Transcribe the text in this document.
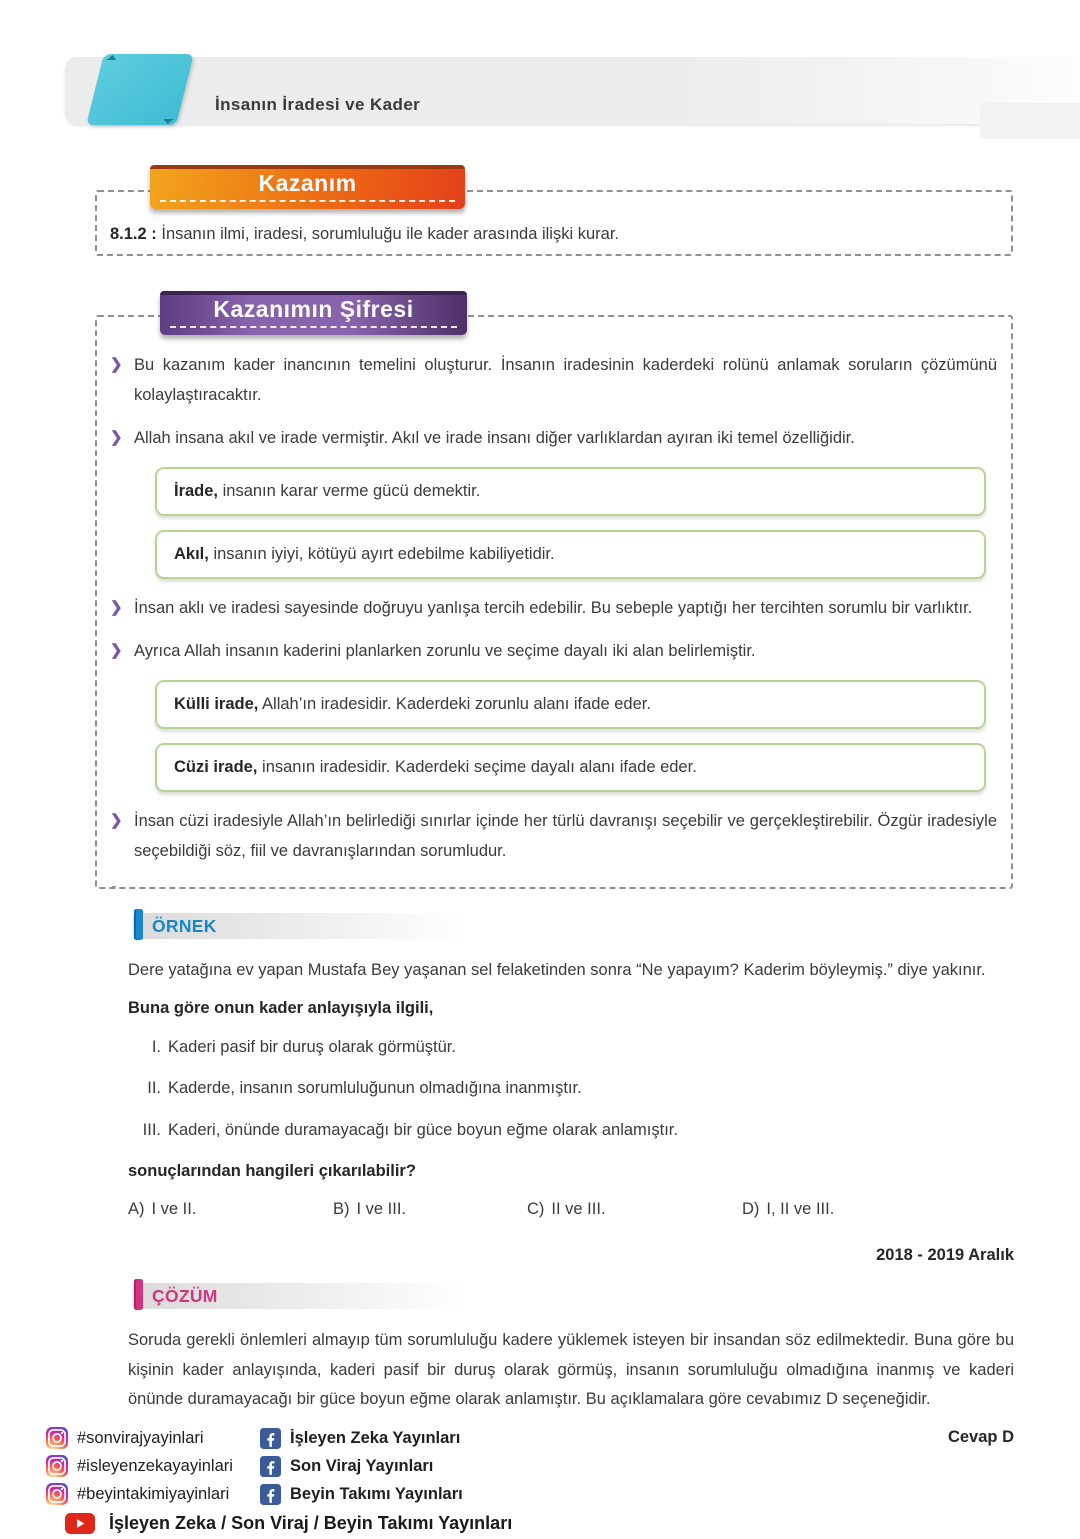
İnsanın İradesi ve Kader
Kazanım
8.1.2 : İnsanın ilmi, iradesi, sorumluluğu ile kader arasında ilişki kurar.
Kazanımın Şifresi
❯ Bu kazanım kader inancının temelini oluşturur. İnsanın iradesinin kaderdeki rolünü anlamak soruların çözümünü kolaylaştıracaktır.
❯ Allah insana akıl ve irade vermiştir. Akıl ve irade insanı diğer varlıklardan ayıran iki temel özelliğidir.
İrade, insanın karar verme gücü demektir.
Akıl, insanın iyiyi, kötüyü ayırt edebilme kabiliyetidir.
❯ İnsan aklı ve iradesi sayesinde doğruyu yanlışa tercih edebilir. Bu sebeple yaptığı her tercihten sorumlu bir varlıktır.
❯ Ayrıca Allah insanın kaderini planlarken zorunlu ve seçime dayalı iki alan belirlemiştir.
Külli irade, Allah’ın iradesidir. Kaderdeki zorunlu alanı ifade eder.
Cüzi irade, insanın iradesidir. Kaderdeki seçime dayalı alanı ifade eder.
❯ İnsan cüzi iradesiyle Allah’ın belirlediği sınırlar içinde her türlü davranışı seçebilir ve gerçekleştirebilir. Özgür iradesiyle seçebildiği söz, fiil ve davranışlarından sorumludur.
ÖRNEK

Dere yatağına ev yapan Mustafa Bey yaşanan sel felaketinden sonra “Ne yapayım? Kaderim böyleymiş.” diye yakınır.

Buna göre onun kader anlayışıyla ilgili,

I. Kaderi pasif bir duruş olarak görmüştür.
II. Kaderde, insanın sorumluluğunun olmadığına inanmıştır.
III. Kaderi, önünde duramayacağı bir güce boyun eğme olarak anlamıştır.

sonuçlarından hangileri çıkarılabilir?

A) I ve II.	B) I ve III.	C) II ve III.	D) I, II ve III.
2018 - 2019 Aralık
ÇÖZÜM

Soruda gerekli önlemleri almayıp tüm sorumluluğu kadere yüklemek isteyen bir insandan söz edilmektedir. Buna göre bu kişinin kader anlayışında, kaderi pasif bir duruş olarak görmüş, insanın sorumluluğu olmadığına inanmış ve kaderi önünde duramayacağı bir güce boyun eğme olarak anlamıştır. Bu açıklamalara göre cevabımız D seçeneğidir.

Cevap D
#sonvirajyayinlari
#isleyenzekayayinlari
#beyintakimiyayinlari
İşleyen Zeka Yayınları
Son Viraj Yayınları
Beyin Takımı Yayınları
İşleyen Zeka / Son Viraj / Beyin Takımı Yayınları
